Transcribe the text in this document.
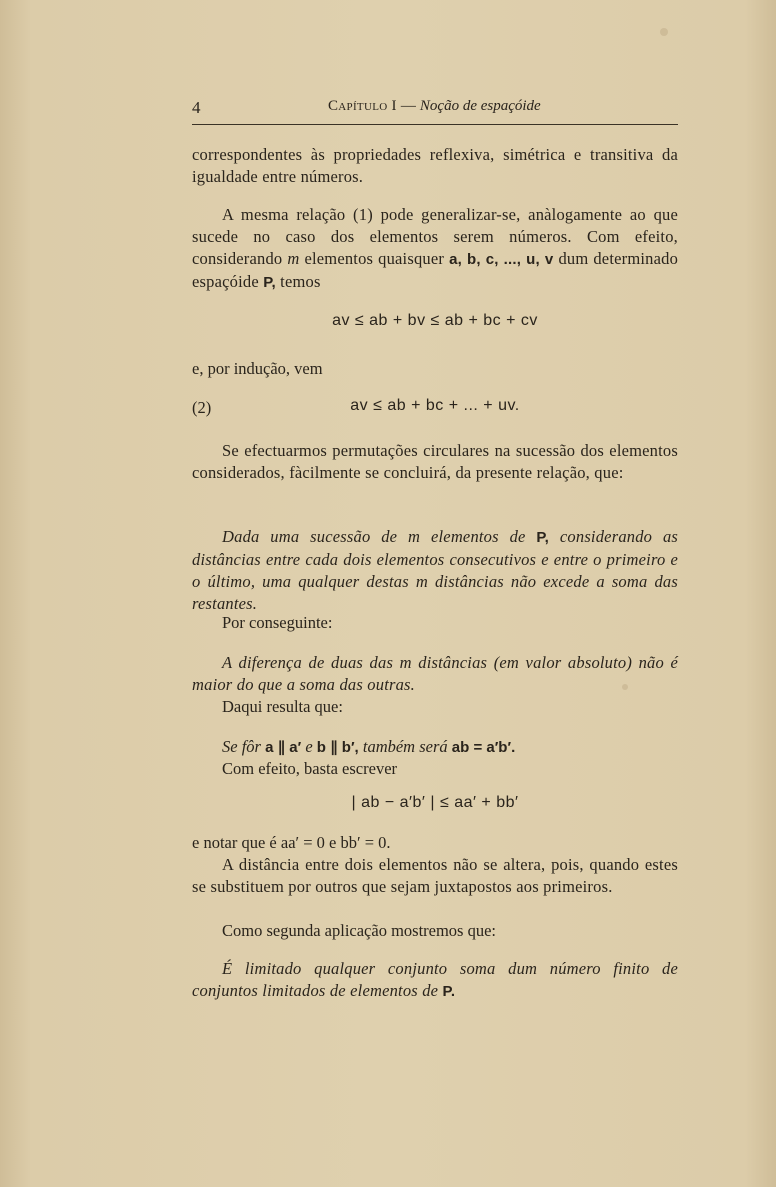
4	Capítulo I — Noção de espaçóide
correspondentes às propriedades reflexiva, simétrica e transitiva da igualdade entre números.
A mesma relação (1) pode generalizar-se, anàlogamente ao que sucede no caso dos elementos serem números. Com efeito, considerando m elementos quaisquer a, b, c, ..., u, v dum determinado espaçóide P, temos
av ≤ ab + bv ≤ ab + bc + cv
e, por indução, vem
(2)	av ≤ ab + bc + ... + uv.
Se efectuarmos permutações circulares na sucessão dos elementos considerados, fàcilmente se concluirá, da presente relação, que:
Dada uma sucessão de m elementos de P, considerando as distâncias entre cada dois elementos consecutivos e entre o primeiro e o último, uma qualquer destas m distâncias não excede a soma das restantes.
Por conseguinte:
A diferença de duas das m distâncias (em valor absoluto) não é maior do que a soma das outras.
Daqui resulta que:
Se fôr a ∥ a′ e b ∥ b′, também será ab = a′b′.
Com efeito, basta escrever
| ab − a′b′ | ≤ aa′ + bb′
e notar que é aa′ = 0 e bb′ = 0.
A distância entre dois elementos não se altera, pois, quando estes se substituem por outros que sejam juxtapostos aos primeiros.
Como segunda aplicação mostremos que:
É limitado qualquer conjunto soma dum número finito de conjuntos limitados de elementos de P.
